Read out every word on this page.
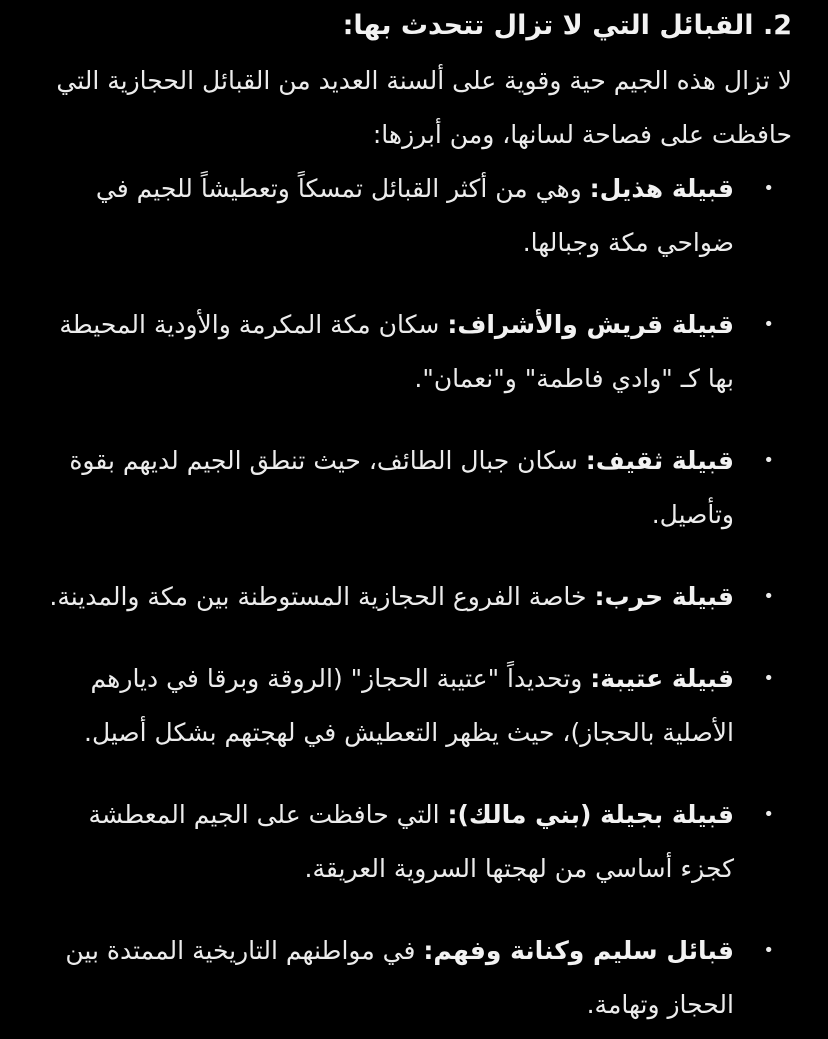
2. القبائل التي لا تزال تتحدث بها:

لا تزال هذه الجيم حية وقوية على ألسنة العديد من القبائل الحجازية التي حافظت على فصاحة لسانها، ومن أبرزها:

•
قبيلة هذيل: وهي من أكثر القبائل تمسكاً وتعطيشاً للجيم في ضواحي مكة وجبالها.
•
قبيلة قريش والأشراف: سكان مكة المكرمة والأودية المحيطة بها كـ "وادي فاطمة" و"نعمان".
•
قبيلة ثقيف: سكان جبال الطائف، حيث تنطق الجيم لديهم بقوة وتأصيل.
•
قبيلة حرب: خاصة الفروع الحجازية المستوطنة بين مكة والمدينة.
•
قبيلة عتيبة: وتحديداً "عتيبة الحجاز" (الروقة وبرقا في ديارهم الأصلية بالحجاز)، حيث يظهر التعطيش في لهجتهم بشكل أصيل.
•
قبيلة بجيلة (بني مالك): التي حافظت على الجيم المعطشة كجزء أساسي من لهجتها السروية العريقة.
•
قبائل سليم وكنانة وفهم: في مواطنهم التاريخية الممتدة بين الحجاز وتهامة.
